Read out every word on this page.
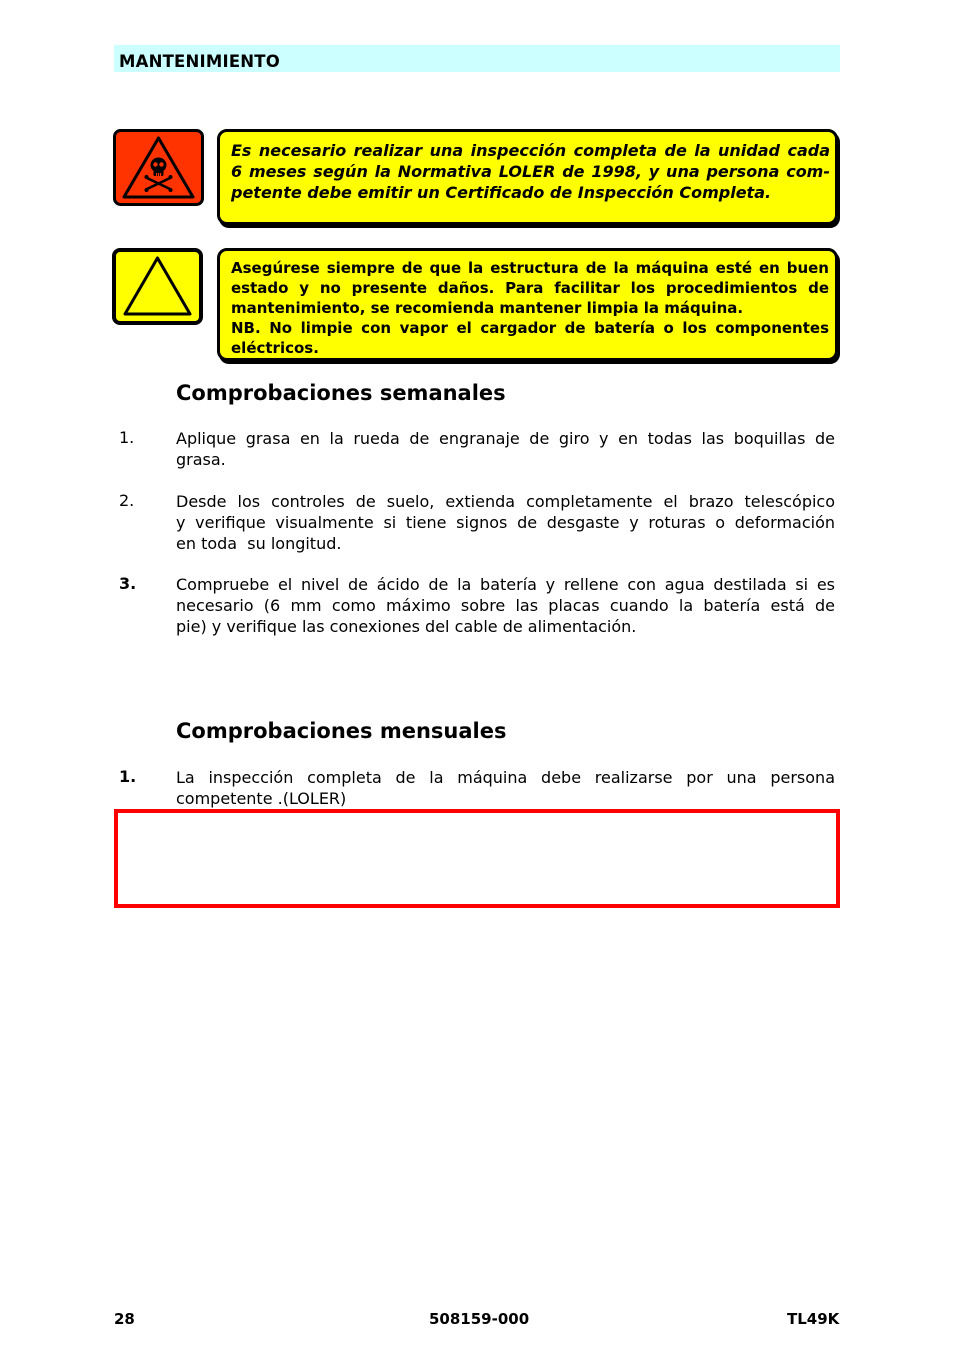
MANTENIMIENTO

Es necesario realizar una inspección completa de la unidad cada

6 meses según la Normativa LOLER de 1998, y una persona com-

petente debe emitir un Certificado de Inspección Completa.

Asegúrese siempre de que la estructura de la máquina esté en buen

estado y no presente daños. Para facilitar los procedimientos de

mantenimiento, se recomienda mantener limpia la máquina.

NB. No limpie con vapor el cargador de batería o los componentes

eléctricos.

Comprobaciones semanales
1.	Aplique grasa en la rueda de engranaje de giro y en todas las boquillas de
grasa.
2.	Desde los controles de suelo, extienda completamente el brazo telescópico
y verifique visualmente si tiene signos de desgaste y roturas o deformación
en toda  su longitud.
3. Compruebe el nivel de ácido de la batería y rellene con agua destilada si es
necesario (6 mm como máximo sobre las placas cuando la batería está de
pie) y verifique las conexiones del cable de alimentación.
Comprobaciones mensuales
1. La inspección completa de la máquina debe realizarse por una persona
competente .(LOLER)
28	508159-000	TL49K
